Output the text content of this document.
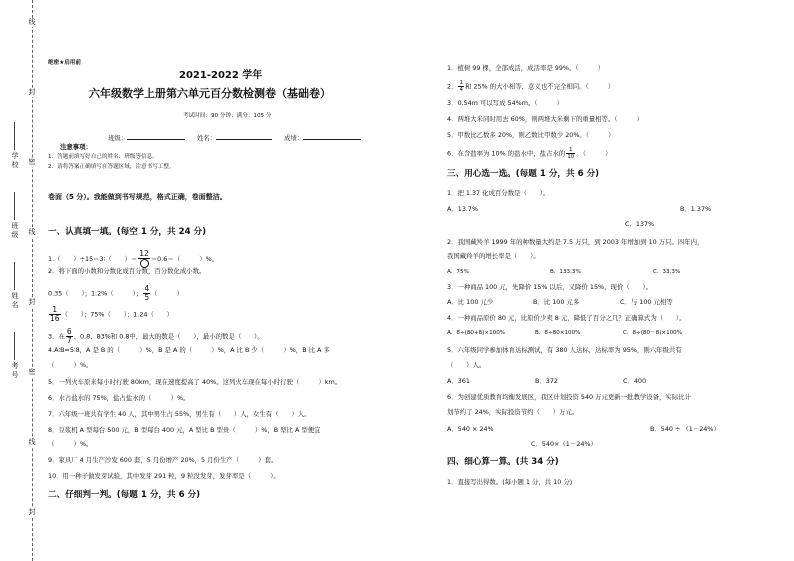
线
封
密
线
封
密
线
封
学校
班级
姓名
考号
绝密★启用前
2021-2022 学年
六年级数学上册第六单元百分数检测卷（基础卷）
考试时间：90 分钟；满分：105 分
班级：	姓名：	成绩：
注意事项：
1．答题前填写好自己的姓名、班级等信息。
2．请将答案正确填写在答题区域，注意书写工整。
卷面（5 分）。我能做到书写规范，格式正确，卷面整洁。
一、认真填一填。(每空 1 分，共 24 分)
1.（　　 ）÷15＝3∶（　　 ）＝
12
＝0.6＝（　　　	）%。
2．将下面的小数和分数化成百分数，百分数化成小数。
0.35（　　 ）；1.2%（　　　	）； $\frac{4}{5}$ （　　　	）
$\frac{1}{16}$ （　　 ）；75%（　　 ）；1.24（　　 ）
3．在 $\frac{6}{7}$ 、0.8、83%和 0.8中，最大的数是（　　 ），最小的数是（　　 ）。
4.A∶B=5∶8，A 是 B 的（　　　）%，B 是 A 的（　　　）%，A 比 B 少（　　　）%，B 比 A 多
（　　　）%。
5．一列火车原来每小时行驶 80km，现在速度提高了 40%。这列火车现在每小时行驶（　　　）km。
6．水占盐水的 75%，盐占盐水的（　　　）%。
7．六年级一班共有学生 40 人，其中男生占 55%，男生有（　　）人，女生有（　　）人。
8．豆浆机 A 型每台 500 元，B 型每台 400 元，A 型比 B 型贵（　　　）%，B 型比 A 型便宜
（　　　）%。
9．家具厂 4 月生产沙发 600 套，5 月份增产 20%，5 月份生产（　　　）套。
10．用一种子做发芽试验，其中发芽 291 粒，9 粒没发芽，发芽率是（　　　）。
二、仔细判一判。(每题 1 分，共 6 分)
1．植树 99 棵，全部成活，成活率是 99%。（　　　）
2． $\frac{1}{4}$ 和 25% 的大小相等，意义也不完全相同。（　　　）
3．0.54m 可以写成 54%m。（　　　）
4．两堆大米同时用去 60%，则两堆大米剩下的重量相等。（　　　）
5．甲数比乙数多 20%，则乙数比甲数少 20%。（　　　）
6．在含盐率为 10% 的盐水中，盐占水的 $\frac{1}{10}$ 。（　　　）
三、用心选一选。(每题 1 分，共 6 分)
1．把 1.37 化成百分数是（　　）。
A．13.7%	B．1.37%
C．137%
2．我国藏羚羊 1999 年的种数量大约是 7.5 万只，到 2003 年增加到 10 万只。四年内，
我国藏羚羊的增长率是（　　）。
A．75%	B．133.3%	C．33.3%
3．一种商品 100 元，先降价 15% 以后，又降价 15%，现价（　　）。
A．比 100 元少	B．比 100 元多	C．与 100 元相等
4．一种商品原价 80 元，比原价少卖 8 元，降低了百分之几？正确算式为（　　）。
A．8÷(80+8)×100%	B．8÷80×100%	C．8÷(80－8)×100%
5．六年级同学参加体育达标测试，有 380 人达标，达标率为 95%，则六年级共有
（　　）人。
A．361	B．372	C．400
6．为创建优质教育均衡发展区，我区计划投资 540 万元更新一批教学设备，实际比计
划节约了 24%，实际投资节约（　　）万元。
A．540 × 24%	B．540 ÷ （1－24%）
C．540×（1－24%）
四、细心算一算。(共 34 分)
1．直接写出得数。(每小题 1 分，共 10 分)
